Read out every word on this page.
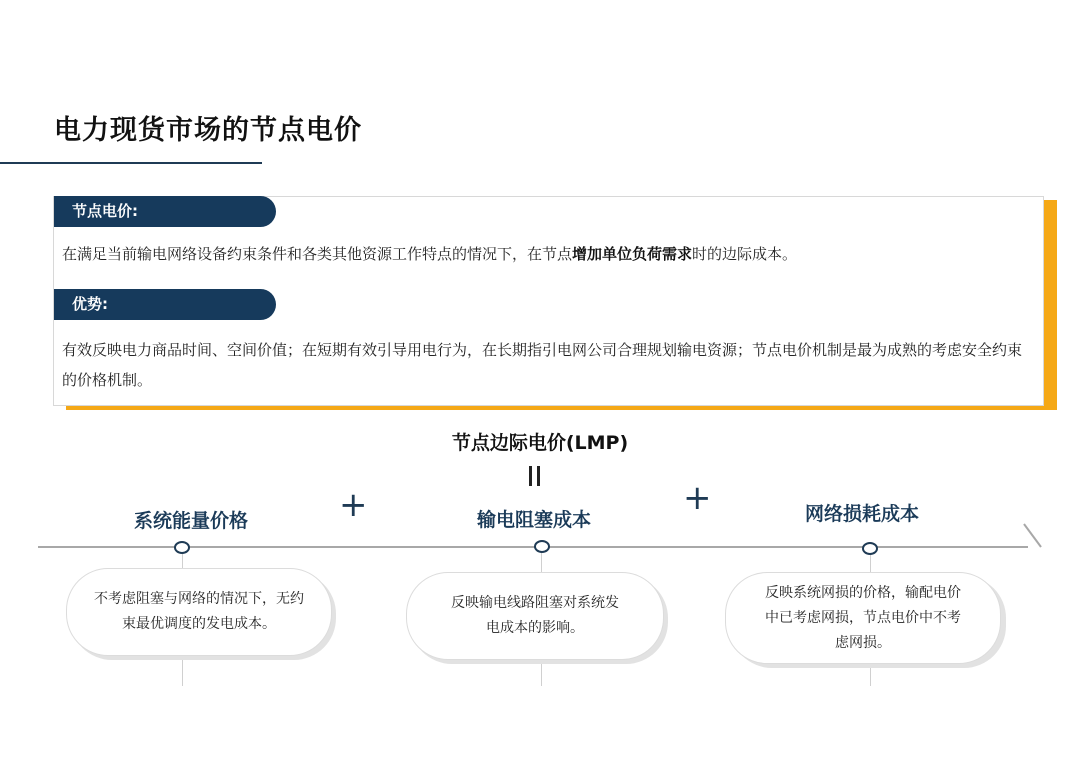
电力现货市场的节点电价
节点电价:
在满足当前输电网络设备约束条件和各类其他资源工作特点的情况下，在节点增加单位负荷需求时的边际成本。
优势:
有效反映电力商品时间、空间价值；在短期有效引导用电行为，在长期指引电网公司合理规划输电资源；节点电价机制是最为成熟的考虑安全约束的价格机制。
节点边际电价(LMP)
系统能量价格	+	输电阻塞成本
+	网络损耗成本
不考虑阻塞与网络的情况下，无约束最优调度的发电成本。
反映输电线路阻塞对系统发电成本的影响。
反映系统网损的价格，输配电价中已考虑网损，节点电价中不考虑网损。
